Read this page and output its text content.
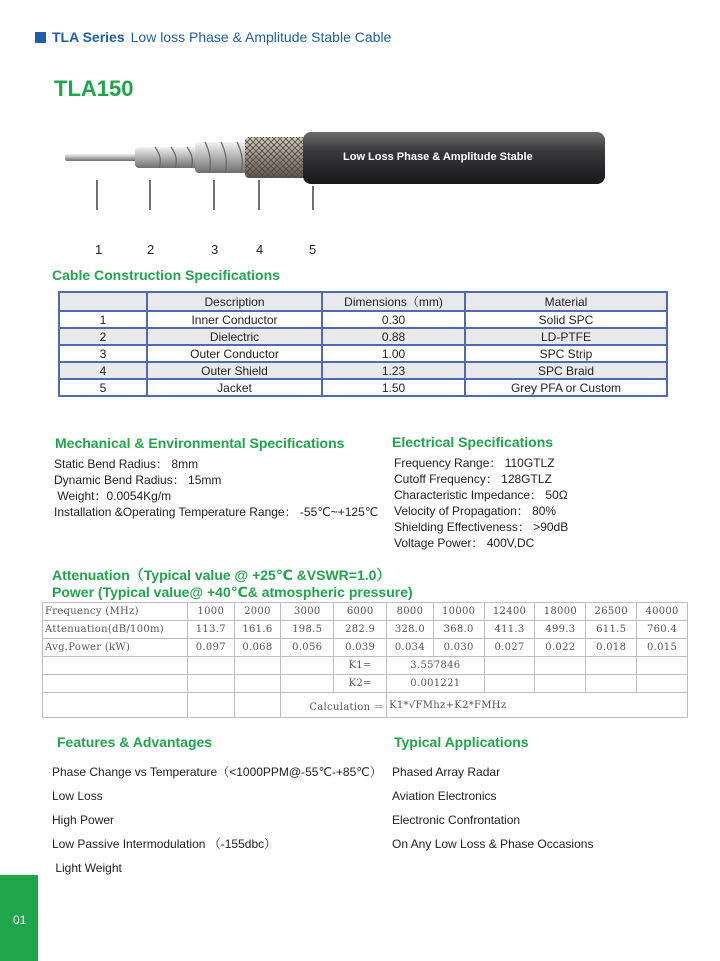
TLA Series Low loss Phase & Amplitude Stable Cable
TLA150
Low Loss Phase & Amplitude Stable
1	2	3	4	5
Cable Construction Specifications
	Description	Dimensions（mm)	Material
1	Inner Conductor	0.30	Solid SPC
2	Dielectric	0.88	LD-PTFE
3	Outer Conductor	1.00	SPC Strip
4	Outer Shield	1.23	SPC Braid
5	Jacket	1.50	Grey PFA or Custom
Mechanical & Environmental Specifications
Static Bend Radius： 8mm
Dynamic Bend Radius： 15mm
Weight：0.0054Kg/m
Installation &Operating Temperature Range： -55℃~+125℃
Electrical Specifications
Frequency Range： 110GTLZ
Cutoff Frequency： 128GTLZ
Characteristic Impedance： 50Ω
Velocity of Propagation： 80%
Shielding Effectiveness： >90dB
Voltage Power： 400V,DC
Attenuation（Typical value @ +25℃ &VSWR=1.0）
Power (Typical value@ +40℃& atmospheric pressure)
Frequency (MHz)	1000	2000	3000	6000	8000	10000	12400	18000	26500	40000
Attenuation(dB/100m)	113.7	161.6	198.5	282.9	328.0	368.0	411.3	499.3	611.5	760.4
Avg.Power (kW)	0.097	0.068	0.056	0.039	0.034	0.030	0.027	0.022	0.018	0.015
				K1=	3.557846					
				K2=	0.001221					
			Calculation ＝		K1*√FMhz+K2*FMHz					
Features & Advantages
Phase Change vs Temperature（<1000PPM@-55℃-+85℃）
Low Loss
High Power
Low Passive Intermodulation （-155dbc）
Light Weight
Typical Applications
Phased Array Radar
Aviation Electronics
Electronic Confrontation
On Any Low Loss & Phase Occasions
01
